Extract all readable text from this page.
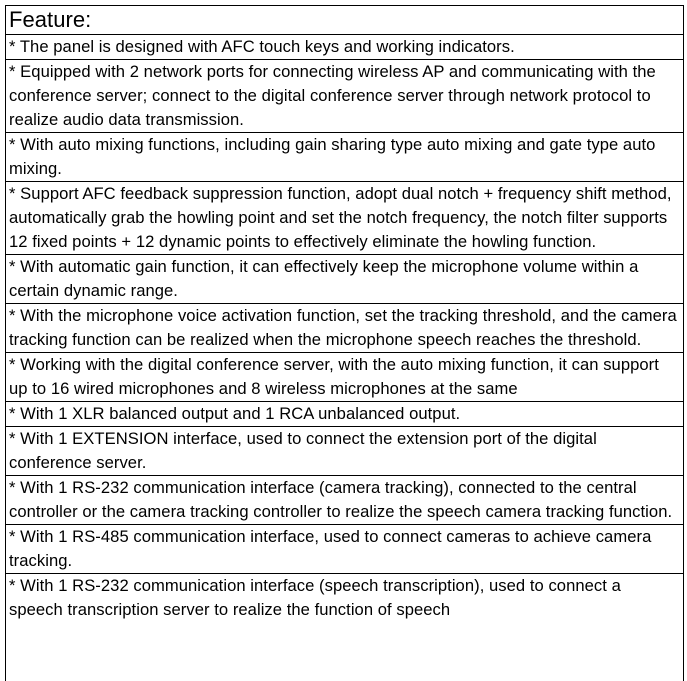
Feature:
* The panel is designed with AFC touch keys and working indicators.
* Equipped with 2 network ports for connecting wireless AP and communicating with the conference server; connect to the digital conference server through network protocol to realize audio data transmission.
* With auto mixing functions, including gain sharing type auto mixing and gate type auto mixing.
* Support AFC feedback suppression function, adopt dual notch + frequency shift method, automatically grab the howling point and set the notch frequency, the notch filter supports 12 fixed points + 12 dynamic points to effectively eliminate the howling function.
* With automatic gain function, it can effectively keep the microphone volume within a certain dynamic range.
* With the microphone voice activation function, set the tracking threshold, and the camera tracking function can be realized when the microphone speech reaches the threshold.
* Working with the digital conference server, with the auto mixing function, it can support up to 16 wired microphones and 8 wireless microphones at the same
* With 1 XLR balanced output and 1 RCA unbalanced output.
* With 1 EXTENSION interface, used to connect the extension port of the digital conference server.
* With 1 RS-232 communication interface (camera tracking), connected to the central controller or the camera tracking controller to realize the speech camera tracking function.
* With 1 RS-485 communication interface, used to connect cameras to achieve camera tracking.
* With 1 RS-232 communication interface (speech transcription), used to connect a speech transcription server to realize the function of speech
